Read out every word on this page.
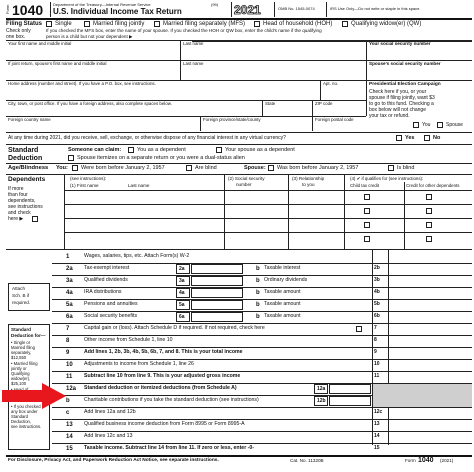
Form 1040 Department of the Treasury—Internal Revenue Service	(99)
U.S. Individual Income Tax Return	2021	OMB No. 1545-0074	IRS Use Only—Do not write or staple in this space.
Filing Status
Check only
one box.
Single	Married filing jointly	Married filing separately (MFS)	Head of household (HOH)	Qualifying widow(er) (QW)
If you checked the MFS box, enter the name of your spouse. If you checked the HOH or QW box, enter the child's name if the qualifying
person is a child but not your dependent ▶
Your first name and middle initial	Last name	Your social security number
If joint return, spouse's first name and middle initial	Last name	Spouse's social security number
Home address (number and street). If you have a P.O. box, see instructions.	Apt. no.
City, town, or post office. If you have a foreign address, also complete spaces below.	State	ZIP code
Foreign country name	Foreign province/state/county	Foreign postal code
Presidential Election Campaign
Check here if you, or your
spouse if filing jointly, want $3
to go to this fund. Checking a
box below will not change
your tax or refund.
You	Spouse
At any time during 2021, did you receive, sell, exchange, or otherwise dispose of any financial interest in any virtual currency?	Yes	No
Standard
Deduction
Someone can claim:	You as a dependent	Your spouse as a dependent
Spouse itemizes on a separate return or you were a dual-status alien
Age/Blindness You: Were born before January 2, 1957	Are blind	Spouse: Was born before January 2, 1957	Is blind
Dependents	(see instructions):
If more
than four
dependents,
see instructions
and check
here ▶
(1) First name	Last name
(2) Social security
number
(3) Relationship
to you
(4) ✔ if qualifies for (see instructions):
Child tax credit	Credit for other dependents
Attach
Sch. B if
required.
Standard
Deduction for—
• Single or
Married filing
separately,
$12,550
• Married filing
jointly or
Qualifying
widow(er),
$25,100
• Head of
• If you checked
any box under
Standard
Deduction,
see instructions.
1	Wages, salaries, tips, etc. Attach Form(s) W-2
2a Tax-exempt interest	2a	b Taxable interest	2b
3a Qualified dividends	3a	b Ordinary dividends	3b
4a IRA distributions	4a	b Taxable amount	4b
5a Pensions and annuities	5a	b Taxable amount	5b
6a Social security benefits	6a	b Taxable amount	6b
7	Capital gain or (loss). Attach Schedule D if required. If not required, check here	7
8	Other income from Schedule 1, line 10	8
9	Add lines 1, 2b, 3b, 4b, 5b, 6b, 7, and 8. This is your total income	9
10 Adjustments to income from Schedule 1, line 26	10
11 Subtract line 10 from line 9. This is your adjusted gross income	11
12a Standard deduction or itemized deductions (from Schedule A)	12a
b	Charitable contributions if you take the standard deduction (see instructions)	12b
c	Add lines 12a and 12b	12c
13 Qualified business income deduction from Form 8995 or Form 8995-A	13
14 Add lines 12c and 13	14
15 Taxable income. Subtract line 14 from line 11. If zero or less, enter -0-	15
For Disclosure, Privacy Act, and Paperwork Reduction Act Notice, see separate instructions.	Cat. No. 11320B	Form 1040 (2021)
